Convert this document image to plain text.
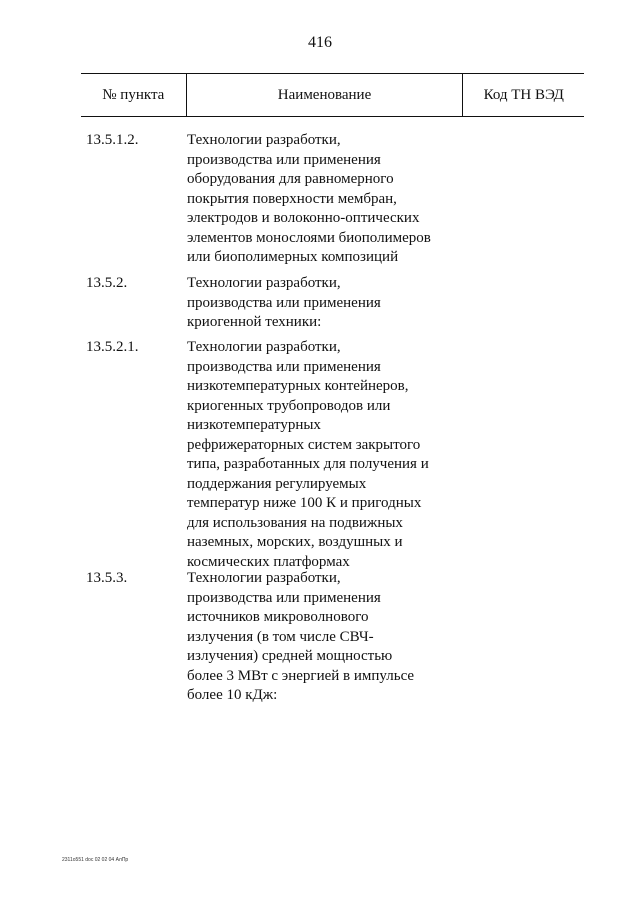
416
№ пункта	Наименование	Код ТН ВЭД
13.5.1.2.	Технологии разработки,
производства или применения
оборудования для равномерного
покрытия поверхности мембран,
электродов и волоконно-оптических
элементов монослоями биополимеров
или биополимерных композиций
13.5.2.	Технологии разработки,
производства или применения
криогенной техники:
13.5.2.1.	Технологии разработки,
производства или применения
низкотемпературных контейнеров,
криогенных трубопроводов или
низкотемпературных
рефрижераторных систем закрытого
типа, разработанных для получения и
поддержания регулируемых
температур ниже 100 К и пригодных
для использования на подвижных
наземных, морских, воздушных и
космических платформах
13.5.3.	Технологии разработки,
производства или применения
источников микроволнового
излучения (в том числе СВЧ-
излучения) средней мощностью
более 3 МВт с энергией в импульсе
более 10 кДж:
2311о551 doc 02 02 04 АлПр
